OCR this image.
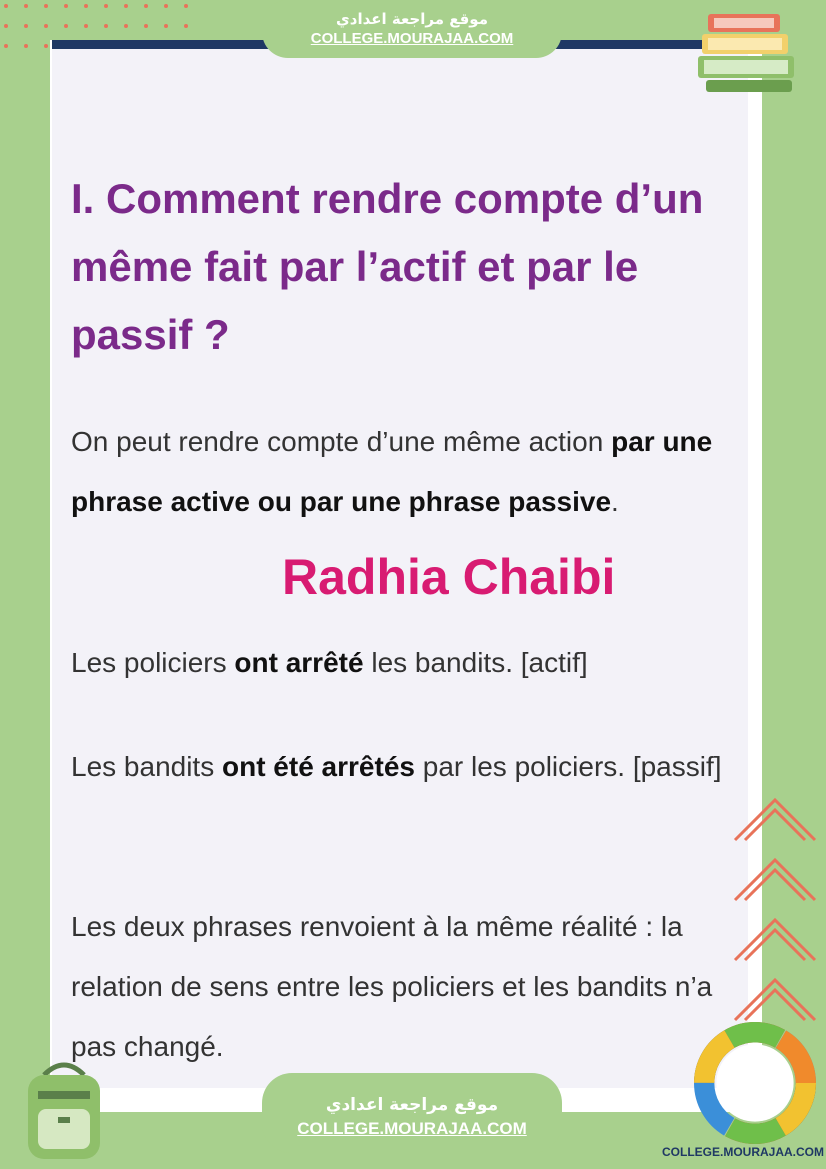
موقع مراجعة اعدادي
COLLEGE.MOURAJAA.COM
I. Comment rendre compte d’un même fait par l’actif et par le passif ?

On peut rendre compte d’une même action par une phrase active ou par une phrase passive.

Radhia Chaibi

Les policiers ont arrêté les bandits. [actif]

Les bandits ont été arrêtés par les policiers. [passif]

Les deux phrases renvoient à la même réalité : la relation de sens entre les policiers et les bandits n’a pas changé.

موقع مراجعة اعدادي
COLLEGE.MOURAJAA.COM
COLLEGE.MOURAJAA.COM
